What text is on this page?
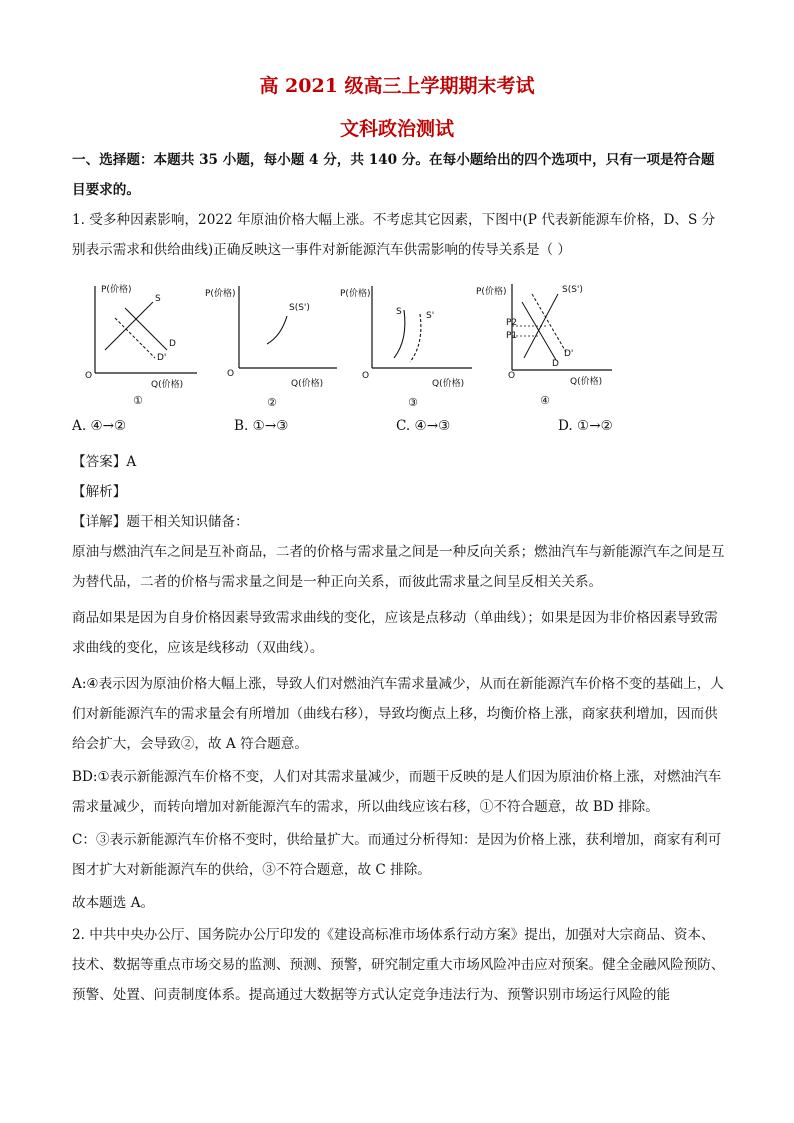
高 2021 级高三上学期期末考试
文科政治测试
一、选择题：本题共 35 小题，每小题 4 分，共 140 分。在每小题给出的四个选项中，只有一项是符合题目要求的。
1. 受多种因素影响，2022 年原油价格大幅上涨。不考虑其它因素，下图中(P 代表新能源车价格，D、S 分别表示需求和供给曲线)正确反映这一事件对新能源汽车供需影响的传导关系是（ ）
P(价格)
O
Q(价格)
S
D
D'
①
P(价格)
O
Q(价格)
S(S')
②
P(价格)
O
Q(价格)
S	S'
③
P(价格)
O
Q(价格)
S(S')
P2
P1
D'
D
④
A. ④→②	B. ①→③	C. ④→③	D. ①→②
【答案】A
【解析】
【详解】题干相关知识储备：
原油与燃油汽车之间是互补商品，二者的价格与需求量之间是一种反向关系；燃油汽车与新能源汽车之间是互为替代品，二者的价格与需求量之间是一种正向关系，而彼此需求量之间呈反相关关系。
商品如果是因为自身价格因素导致需求曲线的变化，应该是点移动（单曲线）；如果是因为非价格因素导致需求曲线的变化，应该是线移动（双曲线）。
A:④表示因为原油价格大幅上涨，导致人们对燃油汽车需求量减少，从而在新能源汽车价格不变的基础上，人们对新能源汽车的需求量会有所增加（曲线右移），导致均衡点上移，均衡价格上涨，商家获利增加，因而供给会扩大，会导致②，故 A 符合题意。
BD:①表示新能源汽车价格不变，人们对其需求量减少，而题干反映的是人们因为原油价格上涨，对燃油汽车需求量减少，而转向增加对新能源汽车的需求，所以曲线应该右移，①不符合题意，故 BD 排除。
C：③表示新能源汽车价格不变时，供给量扩大。而通过分析得知：是因为价格上涨，获利增加，商家有利可图才扩大对新能源汽车的供给，③不符合题意，故 C 排除。
故本题选 A。
2. 中共中央办公厅、国务院办公厅印发的《建设高标准市场体系行动方案》提出，加强对大宗商品、资本、技术、数据等重点市场交易的监测、预测、预警，研究制定重大市场风险冲击应对预案。健全金融风险预防、预警、处置、问责制度体系。提高通过大数据等方式认定竞争违法行为、预警识别市场运行风险的能
